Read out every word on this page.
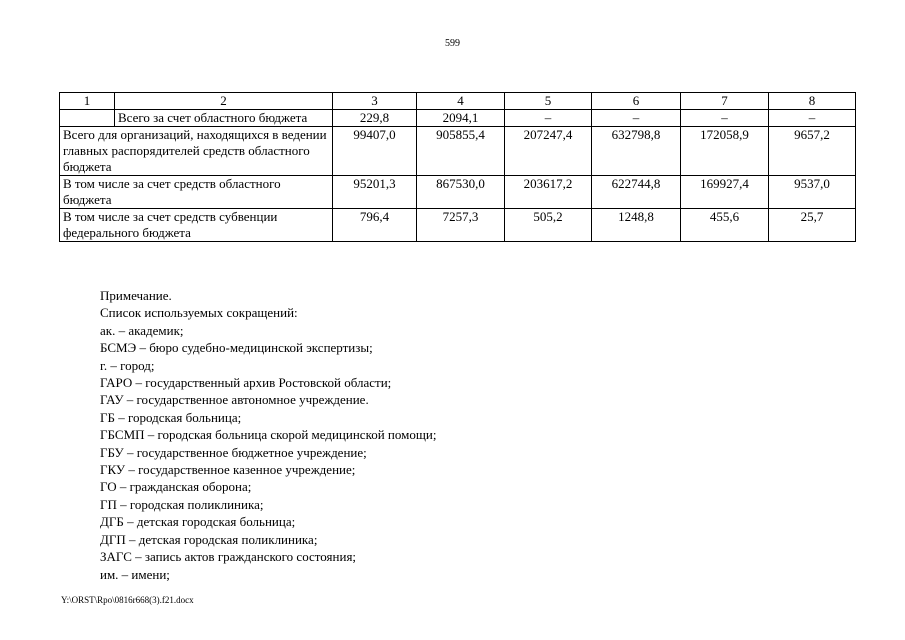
599
1	2	3	4	5	6	7	8
	Всего за счет областного бюджета	229,8	2094,1	–	–	–	–
Всего для организаций, находящихся в ведении главных распорядителей средств областного бюджета		99407,0	905855,4	207247,4	632798,8	172058,9	9657,2
В том числе за счет средств областного бюджета		95201,3	867530,0	203617,2	622744,8	169927,4	9537,0
В том числе за счет средств субвенции федерального бюджета		796,4	7257,3	505,2	1248,8	455,6	25,7
Примечание.
Список используемых сокращений:
ак. – академик;
БСМЭ – бюро судебно-медицинской экспертизы;
г. – город;
ГАРО – государственный архив Ростовской области;
ГАУ – государственное автономное учреждение.
ГБ – городская больница;
ГБСМП – городская больница скорой медицинской помощи;
ГБУ – государственное бюджетное учреждение;
ГКУ – государственное казенное учреждение;
ГО – гражданская оборона;
ГП – городская поликлиника;
ДГБ – детская городская больница;
ДГП – детская городская поликлиника;
ЗАГС – запись актов гражданского состояния;
им. – имени;
Y:\ORST\Rpo\0816r668(3).f21.docx
